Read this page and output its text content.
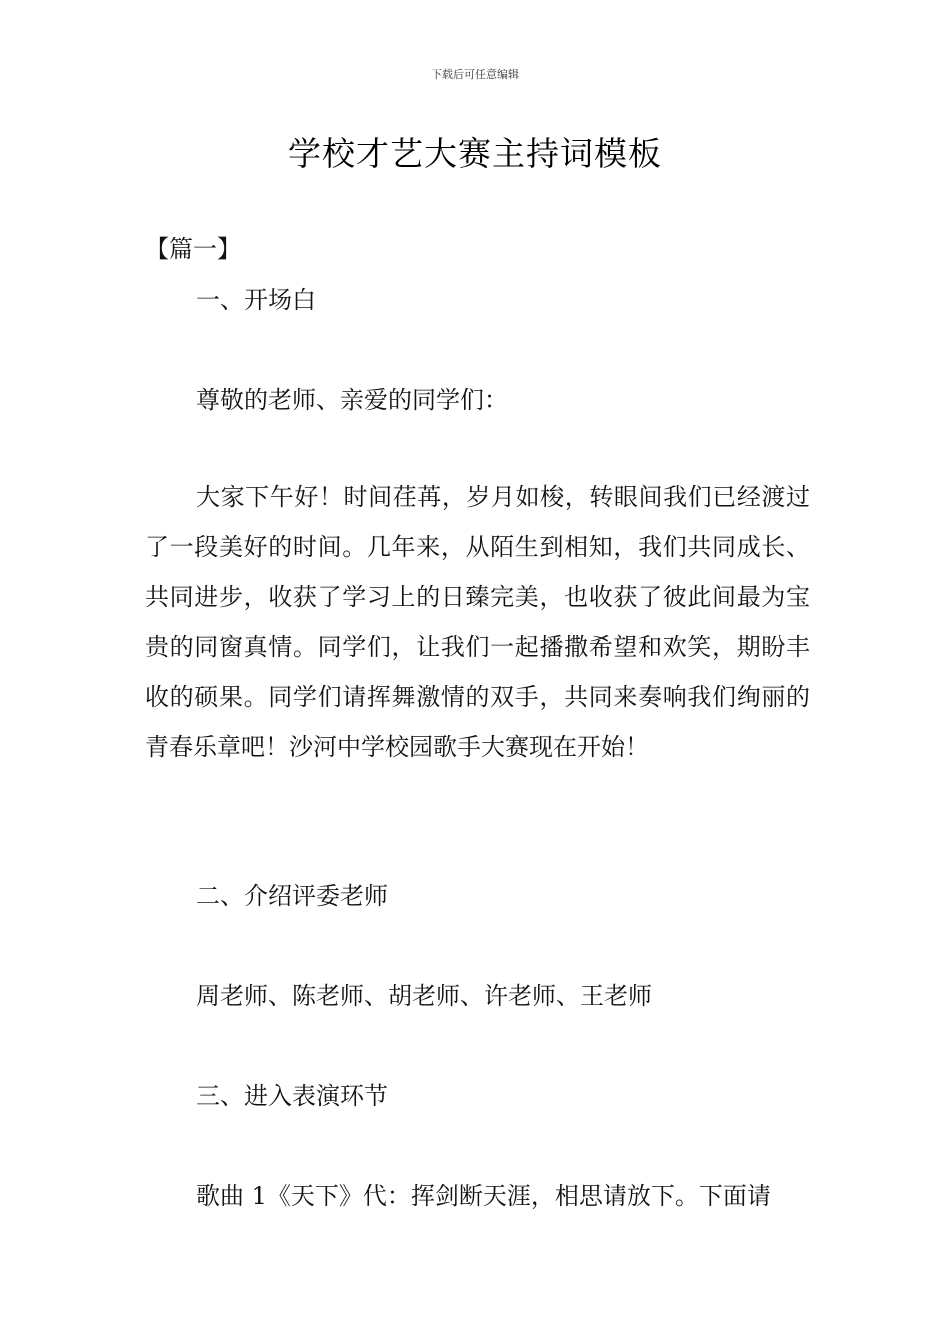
下载后可任意编辑
学校才艺大赛主持词模板
【篇一】
一、开场白
尊敬的老师、亲爱的同学们：

大家下午好！时间荏苒，岁月如梭，转眼间我们已经渡过了一段美好的时间。几年来，从陌生到相知，我们共同成长、共同进步，收获了学习上的日臻完美，也收获了彼此间最为宝贵的同窗真情。同学们，让我们一起播撒希望和欢笑，期盼丰收的硕果。同学们请挥舞激情的双手，共同来奏响我们绚丽的青春乐章吧！沙河中学校园歌手大赛现在开始！

二、介绍评委老师
周老师、陈老师、胡老师、许老师、王老师
三、进入表演环节
歌曲 1《天下》代：挥剑断天涯，相思请放下。下面请
